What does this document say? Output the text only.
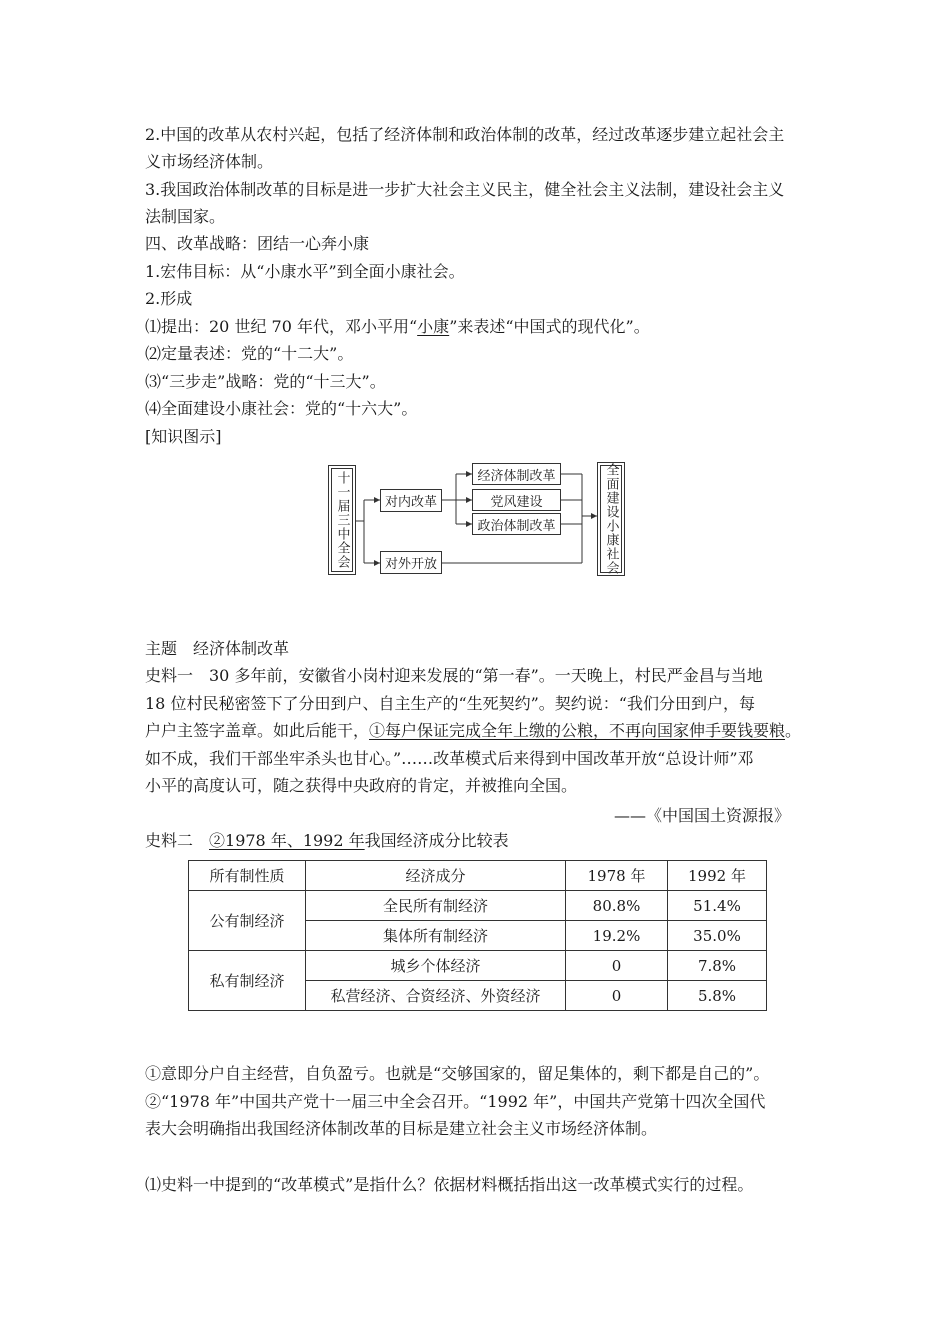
2.中国的改革从农村兴起，包括了经济体制和政治体制的改革，经过改革逐步建立起社会主
义市场经济体制。
3.我国政治体制改革的目标是进一步扩大社会主义民主，健全社会主义法制，建设社会主义
法制国家。
四、改革战略：团结一心奔小康
1.宏伟目标：从“小康水平”到全面小康社会。
2.形成
⑴提出：20 世纪 70 年代，邓小平用“小康”来表述“中国式的现代化”。
⑵定量表述：党的“十二大”。
⑶“三步走”战略：党的“十三大”。
⑷全面建设小康社会：党的“十六大”。
[知识图示]
十一届三中全会	对内改革
对外开放
经济体制改革
党风建设
政治体制改革	全面建设小康社会
主题　经济体制改革
史料一　30 多年前，安徽省小岗村迎来发展的“第一春”。一天晚上，村民严金昌与当地
18 位村民秘密签下了分田到户、自主生产的“生死契约”。契约说：“我们分田到户，每
户户主签字盖章。如此后能干，①每户保证完成全年上缴的公粮，不再向国家伸手要钱要粮。
如不成，我们干部坐牢杀头也甘心。”……改革模式后来得到中国改革开放“总设计师”邓
小平的高度认可，随之获得中央政府的肯定，并被推向全国。
——《中国国土资源报》
史料二　②1978 年、1992 年我国经济成分比较表
所有制性质	经济成分	1978 年	1992 年
公有制经济	全民所有制经济	80.8%	51.4%
	集体所有制经济	19.2%	35.0%
私有制经济	城乡个体经济	0	7.8%
	私营经济、合资经济、外资经济	0	5.8%
①意即分户自主经营，自负盈亏。也就是“交够国家的，留足集体的，剩下都是自己的”。
②“1978 年”中国共产党十一届三中全会召开。“1992 年”，中国共产党第十四次全国代
表大会明确指出我国经济体制改革的目标是建立社会主义市场经济体制。
⑴史料一中提到的“改革模式”是指什么？依据材料概括指出这一改革模式实行的过程。
